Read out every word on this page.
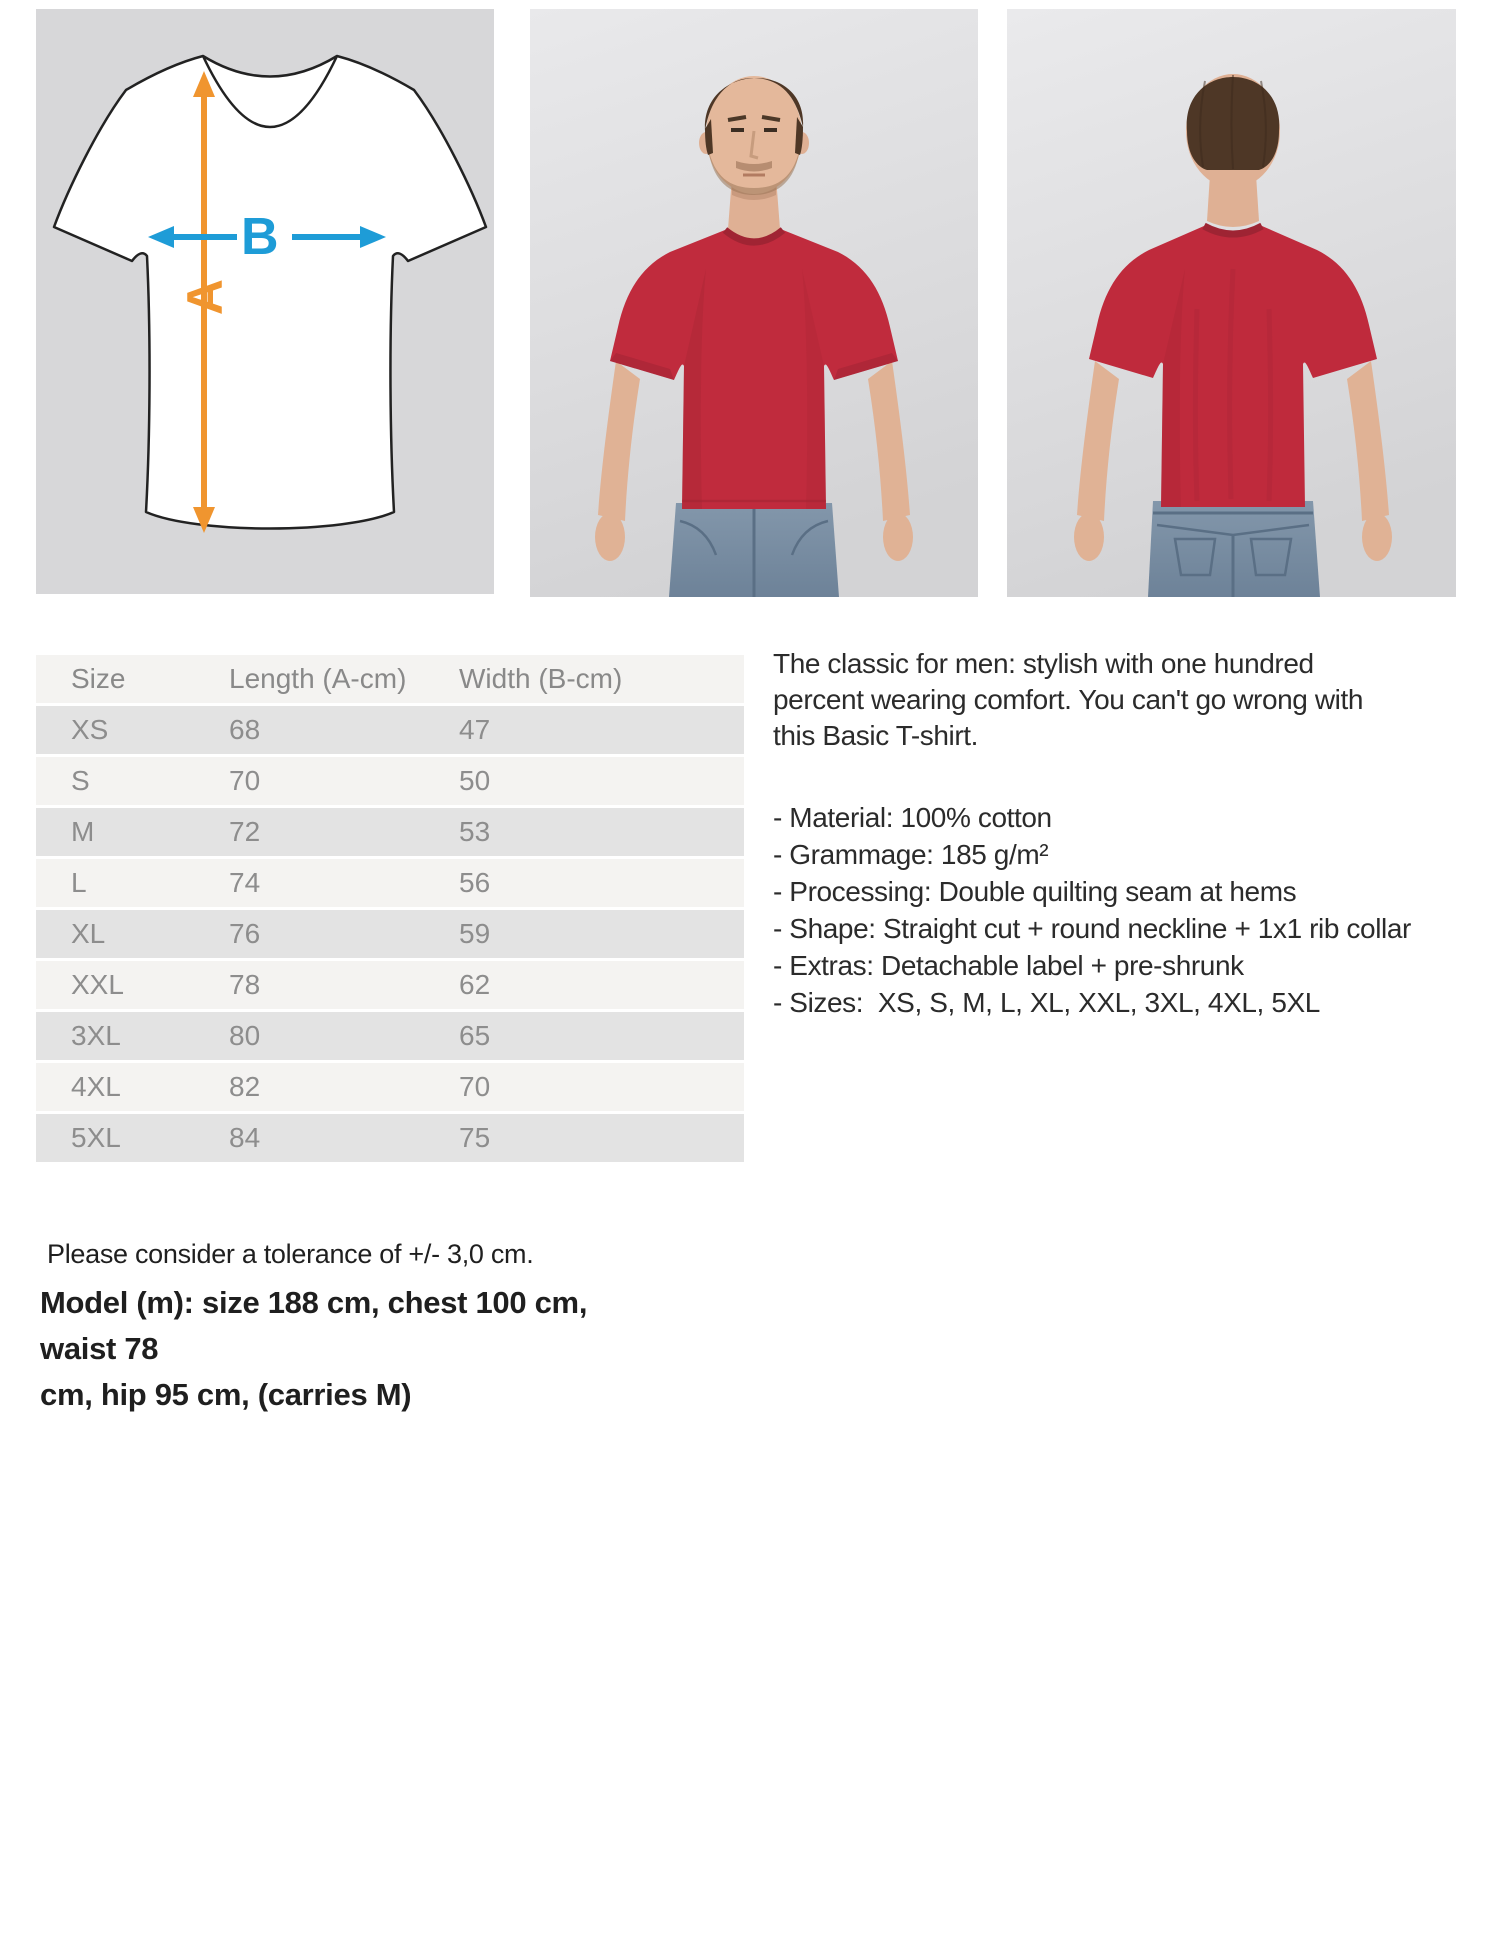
A
B
Size	Length (A-cm)	Width (B-cm)
XS	68	47
S	70	50
M	72	53
L	74	56
XL	76	59
XXL	78	62
3XL	80	65
4XL	82	70
5XL	84	75
The classic for men: stylish with one hundred
percent wearing comfort. You can't go wrong with
this Basic T-shirt.
- Material: 100% cotton
- Grammage: 185 g/m²
- Processing: Double quilting seam at hems
- Shape: Straight cut + round neckline + 1x1 rib collar
- Extras: Detachable label + pre-shrunk
- Sizes:  XS, S, M, L, XL, XXL, 3XL, 4XL, 5XL
Please consider a tolerance of +/- 3,0 cm.
Model (m): size 188 cm, chest 100 cm, waist 78
cm, hip 95 cm, (carries M)
